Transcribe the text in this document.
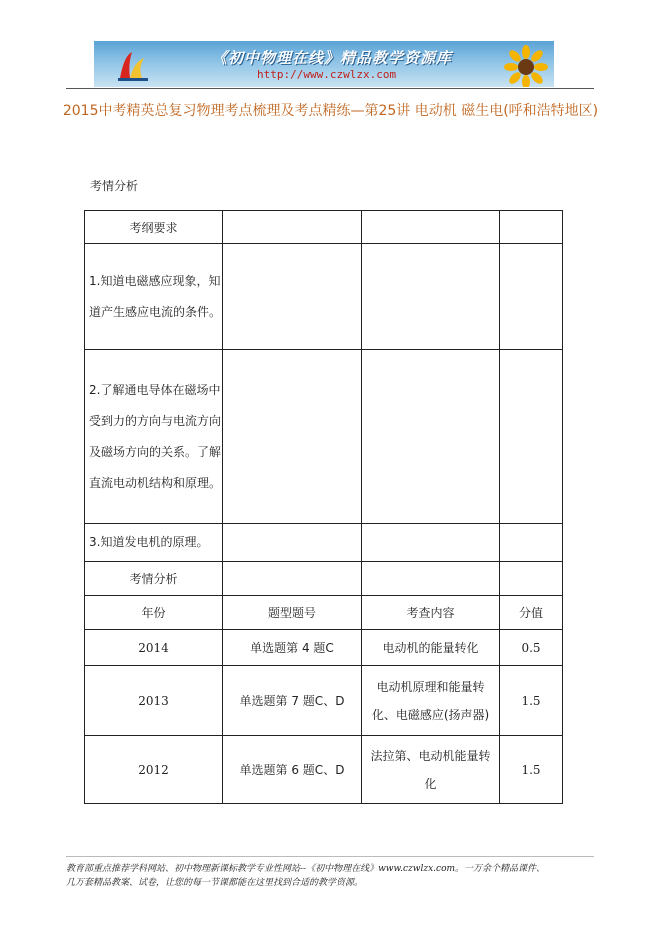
《初中物理在线》精品教学资源库
http://www.czwlzx.com
2015中考精英总复习物理考点梳理及考点精练—第25讲 电动机 磁生电(呼和浩特地区)
考情分析
考纲要求			
1.知道电磁感应现象，知道产生感应电流的条件。			
2.了解通电导体在磁场中受到力的方向与电流方向及磁场方向的关系。了解直流电动机结构和原理。			
3.知道发电机的原理。			
考情分析			
年份	题型题号	考查内容	分值
2014	单选题第 4 题C	电动机的能量转化	0.5
2013	单选题第 7 题C、D	电动机原理和能量转化、电磁感应(扬声器)	1.5
2012	单选题第 6 题C、D	法拉第、电动机能量转化	1.5
教育部重点推荐学科网站、初中物理新课标教学专业性网站--《初中物理在线》www.czwlzx.com。一万余个精品课件、
几万套精品教案、试卷，让您的每一节课都能在这里找到合适的教学资源。
